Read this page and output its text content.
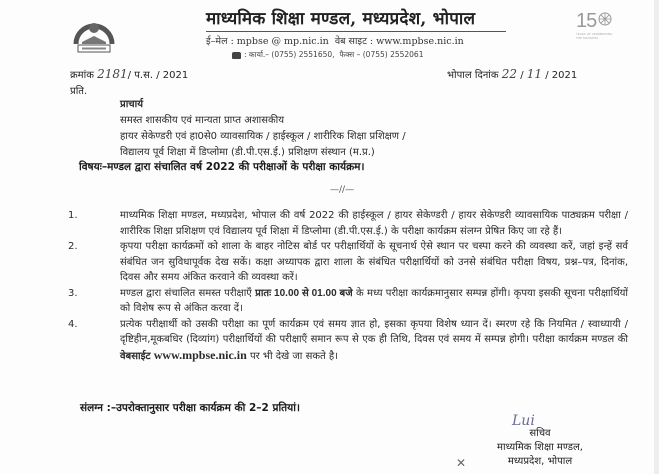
15
YEARS OF CELEBRATING THE MAHATMA
माध्यमिक शिक्षा मण्डल, मध्यप्रदेश, भोपाल
ई–मेल : mpbse @ mp.nic.in वेब साइट : www.mpbse.nic.in
: कार्या.– (0755) 2551650, फैक्स – (0755) 2552061
क्रमांक 2181/ प.स. / 2021	भोपाल दिनांक 22 / 11 / 2021
प्रति.
प्राचार्य
समस्त शासकीय एवं मान्यता प्राप्त अशासकीय
हायर सेकेण्डरी एवं हा0से0 व्यावसायिक / हाईस्कूल / शारीरिक शिक्षा प्रशिक्षण /
विद्यालय पूर्व शिक्षा में डिप्लोमा (डी.पी.एस.ई.) प्रशिक्षण संस्थान (म.प्र.)
विषयः–मण्डल द्वारा संचालित वर्ष 2022 की परीक्षाओं के परीक्षा कार्यक्रम।
—//—
1.	माध्यमिक शिक्षा मण्डल, मध्यप्रदेश, भोपाल की वर्ष 2022 की हाईस्कूल / हायर सेकेण्डरी / हायर सेकेण्डरी व्यावसायिक पाठ्यक्रम परीक्षा / शारीरिक शिक्षा प्रशिक्षण एवं विद्यालय पूर्व शिक्षा में डिप्लोमा (डी.पी.एस.ई.) के परीक्षा कार्यक्रम संलग्न प्रेषित किए जा रहे हैं।
2.	कृपया परीक्षा कार्यक्रमों को शाला के बाहर नोटिस बोर्ड पर परीक्षार्थियों के सूचनार्थ ऐसे स्थान पर चस्पा करने की व्यवस्था करें, जहां इन्हें सर्व संबंधित जन सुविधापूर्वक देख सकें। कक्षा अध्यापक द्वारा शाला के संबंधित परीक्षार्थियों को उनसे संबंधित परीक्षा विषय, प्रश्न–पत्र, दिनांक, दिवस और समय अंकित करवाने की व्यवस्था करें।
3.	मण्डल द्वारा संचालित समस्त परीक्षाएँ प्रातः 10.00 से 01.00 बजे के मध्य परीक्षा कार्यक्रमानुसार सम्पन्न होंगी। कृपया इसकी सूचना परीक्षार्थियों को विशेष रूप से अंकित करवा दें।
4.	प्रत्येक परीक्षार्थी को उसकी परीक्षा का पूर्ण कार्यक्रम एवं समय ज्ञात हो, इसका कृपया विशेष ध्यान दें। स्मरण रहे कि नियमित / स्वाध्यायी / दृष्टिहीन,मूकबधिर (दिव्यांग) परीक्षार्थियों की परीक्षाएँ समान रूप से एक ही तिथि, दिवस एवं समय में सम्पन्न होगी। परीक्षा कार्यक्रम मण्डल की वेबसाईट www.mpbse.nic.in पर भी देखे जा सकते है।
संलग्न :–उपरोक्तानुसार परीक्षा कार्यक्रम की 2–2 प्रतियां।
Lui
सचिव
माध्यमिक शिक्षा मण्डल,
मध्यप्रदेश, भोपाल
✕
